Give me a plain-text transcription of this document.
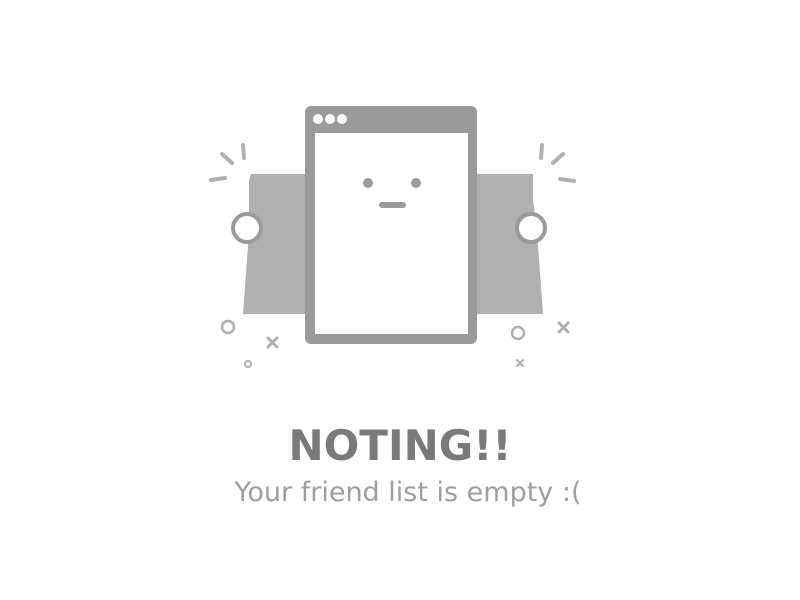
NOTING!!

Your friend list is empty :(
